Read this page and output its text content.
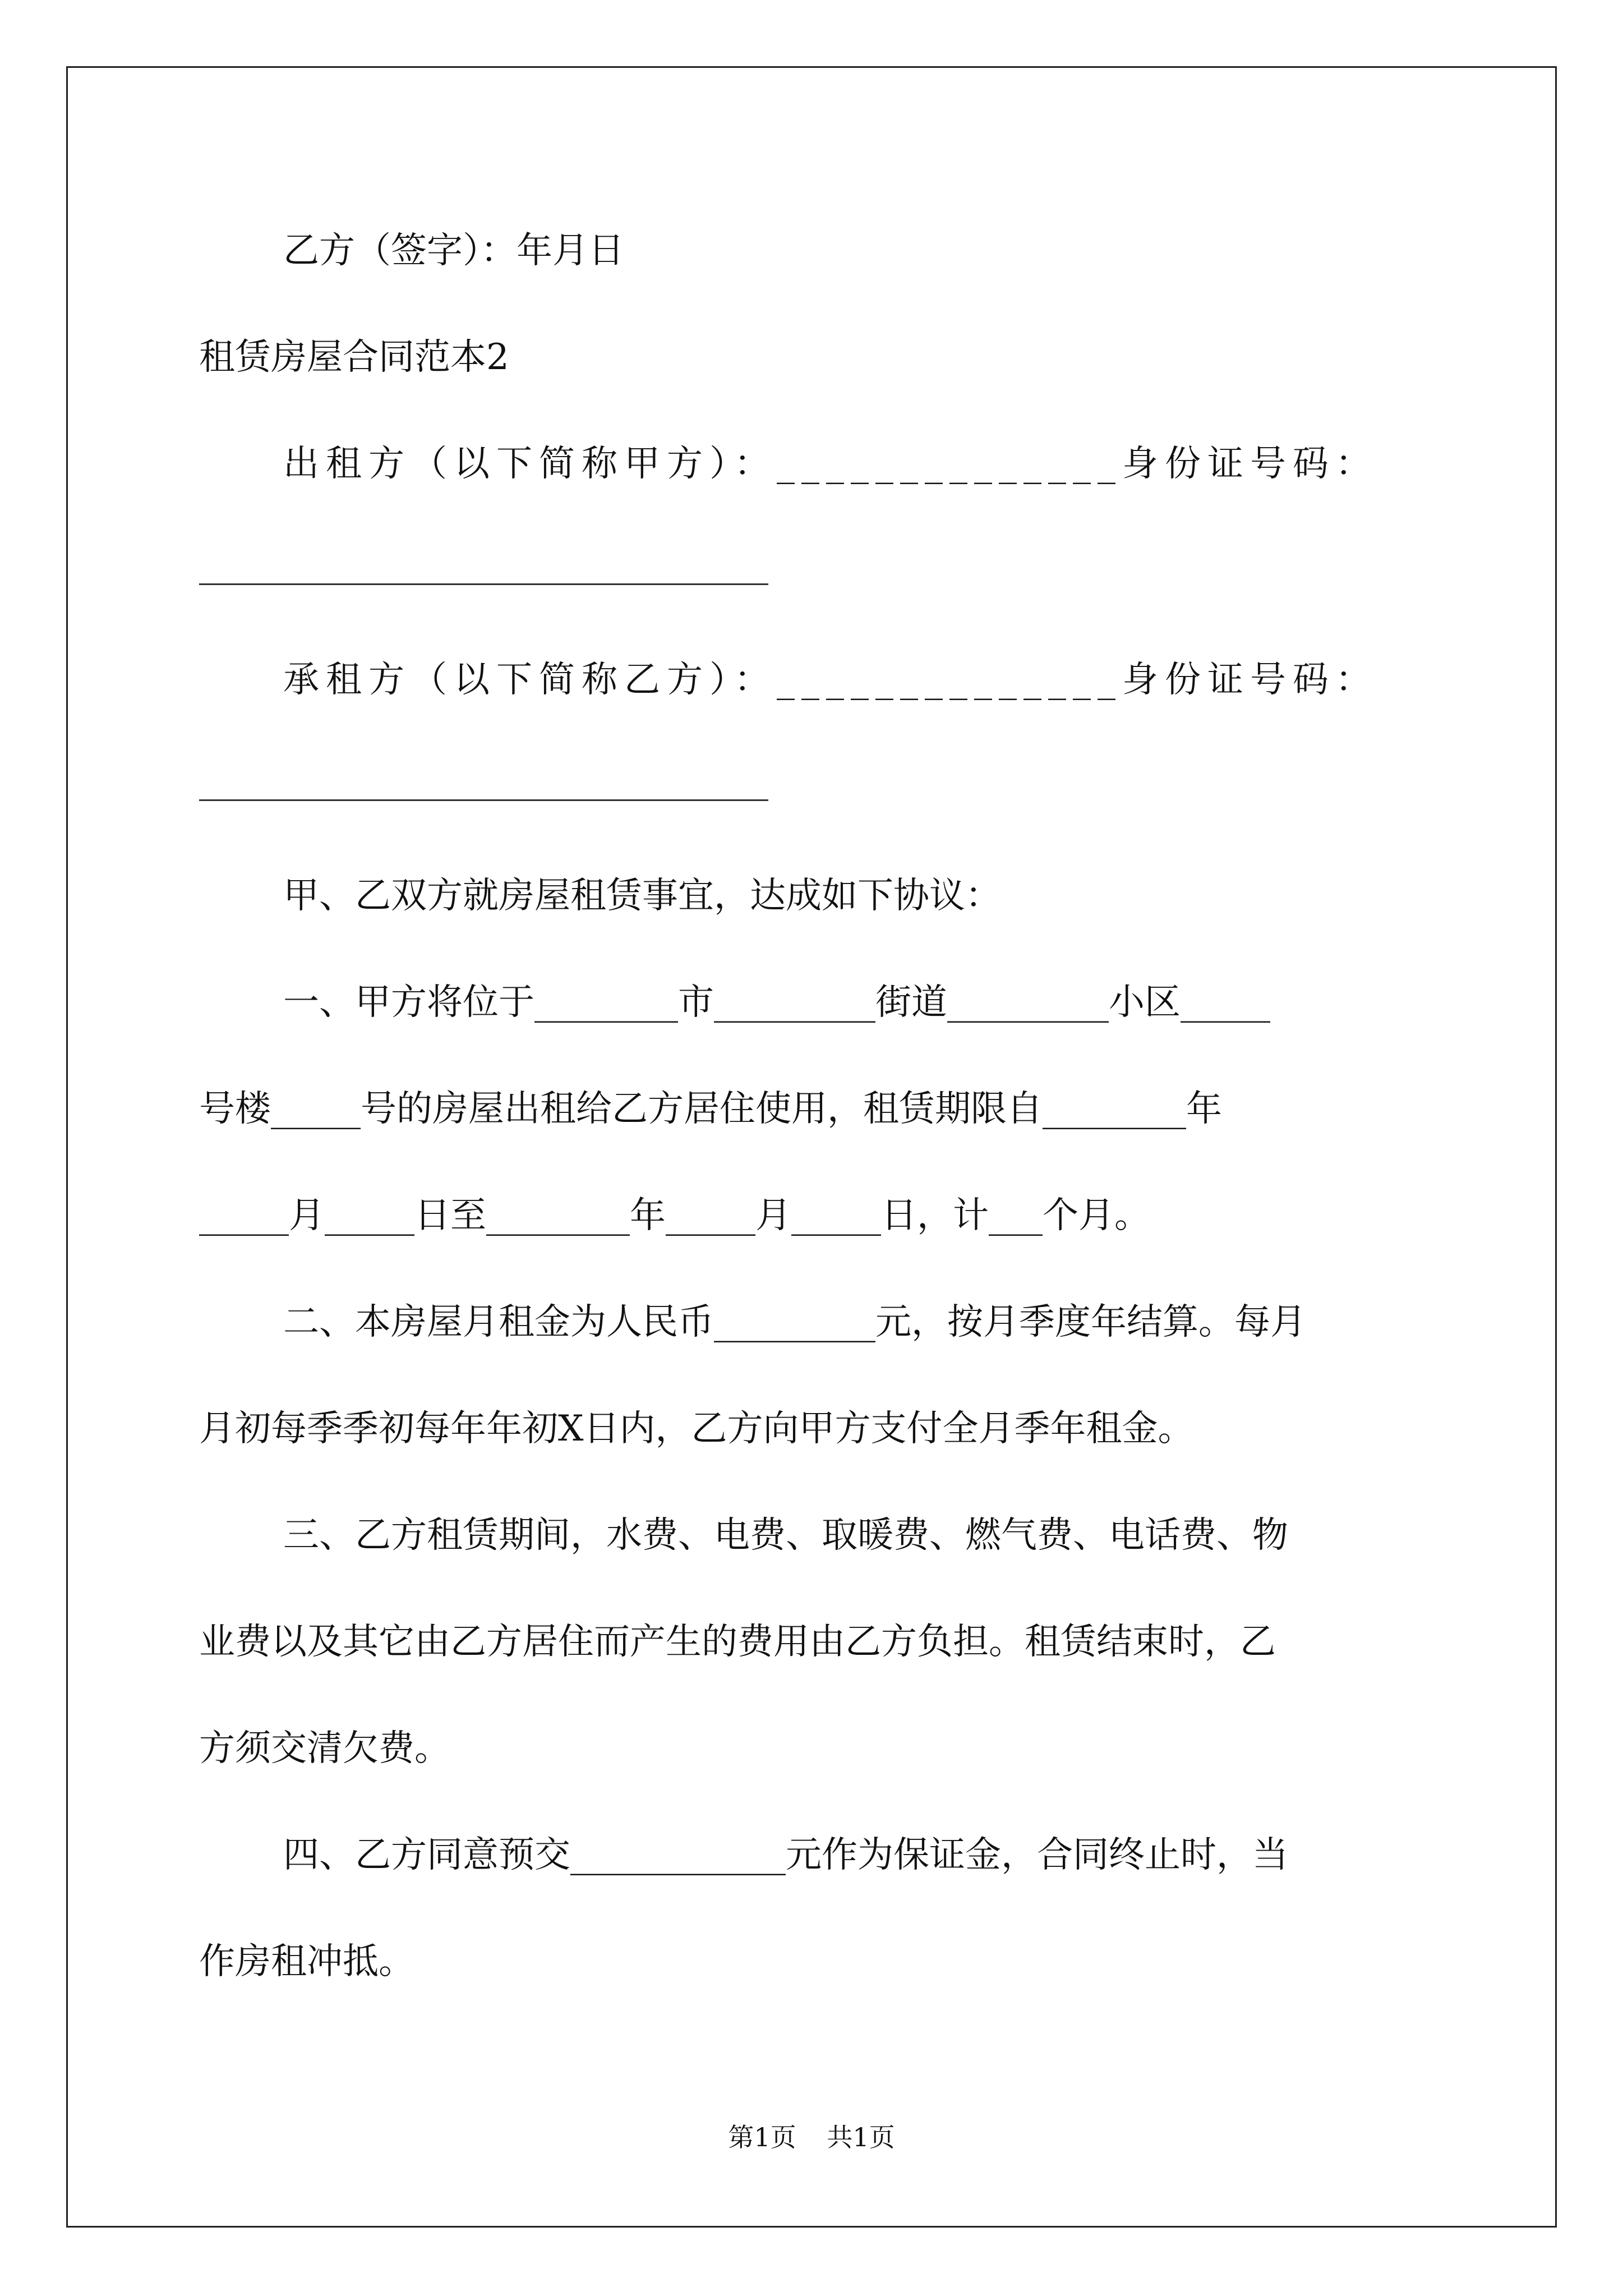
乙方（签字）：年月日
租赁房屋合同范本2
出租方（以下简称甲方）：______________身份证号码：
承租方（以下简称乙方）：______________身份证号码：
甲、乙双方就房屋租赁事宜，达成如下协议：
一、甲方将位于________市_________街道_________小区_____
号楼_____号的房屋出租给乙方居住使用，租赁期限自________年
_____月_____日至________年_____月_____日，计___个月。
二、本房屋月租金为人民币_________元，按月季度年结算。每月
月初每季季初每年年初X日内，乙方向甲方支付全月季年租金。
三、乙方租赁期间，水费、电费、取暖费、燃气费、电话费、物
业费以及其它由乙方居住而产生的费用由乙方负担。租赁结束时，乙
方须交清欠费。
四、乙方同意预交____________元作为保证金，合同终止时，当
作房租冲抵。
第1页 共1页
